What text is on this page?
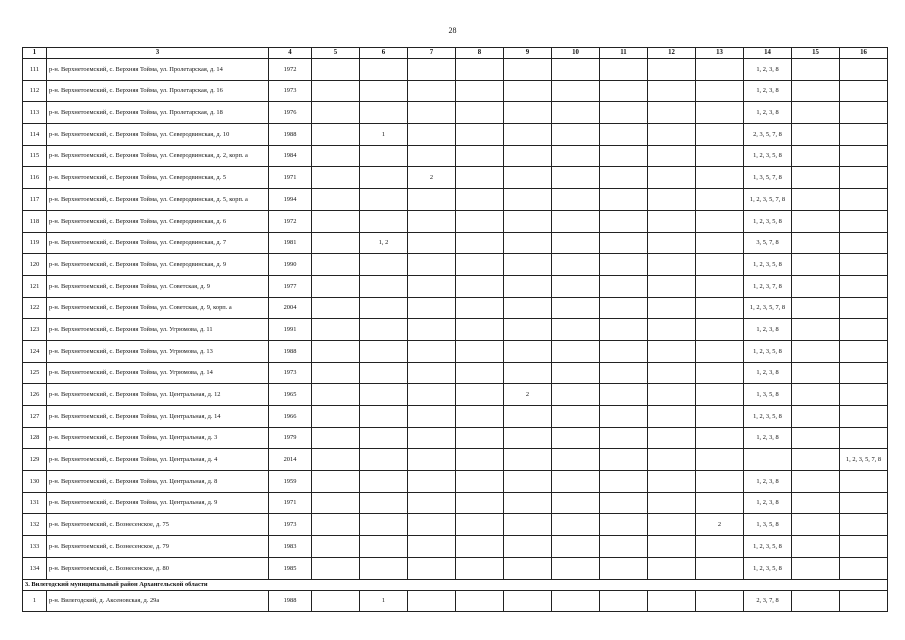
28
1	3	4	5	6	7	8	9	10	11	12	13	14	15	16
111	р-н. Верхнетоемский, с. Верхняя Тойма, ул. Пролетарская, д. 14	1972										1, 2, 3, 8		
112	р-н. Верхнетоемский, с. Верхняя Тойма, ул. Пролетарская, д. 16	1973										1, 2, 3, 8		
113	р-н. Верхнетоемский, с. Верхняя Тойма, ул. Пролетарская, д. 18	1976										1, 2, 3, 8		
114	р-н. Верхнетоемский, с. Верхняя Тойма, ул. Северодвинская, д. 10	1988		1								2, 3, 5, 7, 8		
115	р-н. Верхнетоемский, с. Верхняя Тойма, ул. Северодвинская, д. 2, корп. а	1984										1, 2, 3, 5, 8		
116	р-н. Верхнетоемский, с. Верхняя Тойма, ул. Северодвинская, д. 5	1971			2							1, 3, 5, 7, 8		
117	р-н. Верхнетоемский, с. Верхняя Тойма, ул. Северодвинская, д. 5, корп. а	1994										1, 2, 3, 5, 7, 8		
118	р-н. Верхнетоемский, с. Верхняя Тойма, ул. Северодвинская, д. 6	1972										1, 2, 3, 5, 8		
119	р-н. Верхнетоемский, с. Верхняя Тойма, ул. Северодвинская, д. 7	1981		1, 2								3, 5, 7, 8		
120	р-н. Верхнетоемский, с. Верхняя Тойма, ул. Северодвинская, д. 9	1990										1, 2, 3, 5, 8		
121	р-н. Верхнетоемский, с. Верхняя Тойма, ул. Советская, д. 9	1977										1, 2, 3, 7, 8		
122	р-н. Верхнетоемский, с. Верхняя Тойма, ул. Советская, д. 9, корп. а	2004										1, 2, 3, 5, 7, 8		
123	р-н. Верхнетоемский, с. Верхняя Тойма, ул. Угрюмова, д. 11	1991										1, 2, 3, 8		
124	р-н. Верхнетоемский, с. Верхняя Тойма, ул. Угрюмова, д. 13	1988										1, 2, 3, 5, 8		
125	р-н. Верхнетоемский, с. Верхняя Тойма, ул. Угрюмова, д. 14	1973										1, 2, 3, 8		
126	р-н. Верхнетоемский, с. Верхняя Тойма, ул. Центральная, д. 12	1965					2					1, 3, 5, 8		
127	р-н. Верхнетоемский, с. Верхняя Тойма, ул. Центральная, д. 14	1966										1, 2, 3, 5, 8		
128	р-н. Верхнетоемский, с. Верхняя Тойма, ул. Центральная, д. 3	1979										1, 2, 3, 8		
129	р-н. Верхнетоемский, с. Верхняя Тойма, ул. Центральная, д. 4	2014												1, 2, 3, 5, 7, 8
130	р-н. Верхнетоемский, с. Верхняя Тойма, ул. Центральная, д. 8	1959										1, 2, 3, 8		
131	р-н. Верхнетоемский, с. Верхняя Тойма, ул. Центральная, д. 9	1971										1, 2, 3, 8		
132	р-н. Верхнетоемский, с. Вознесенское, д. 75	1973									2	1, 3, 5, 8		
133	р-н. Верхнетоемский, с. Вознесенское, д. 79	1983										1, 2, 3, 5, 8		
134	р-н. Верхнетоемский, с. Вознесенское, д. 80	1985										1, 2, 3, 5, 8		
3. Вилегодский муниципальный район Архангельской области														
1	р-н. Вилегодский, д. Аксеновская, д. 29а	1988		1								2, 3, 7, 8		
